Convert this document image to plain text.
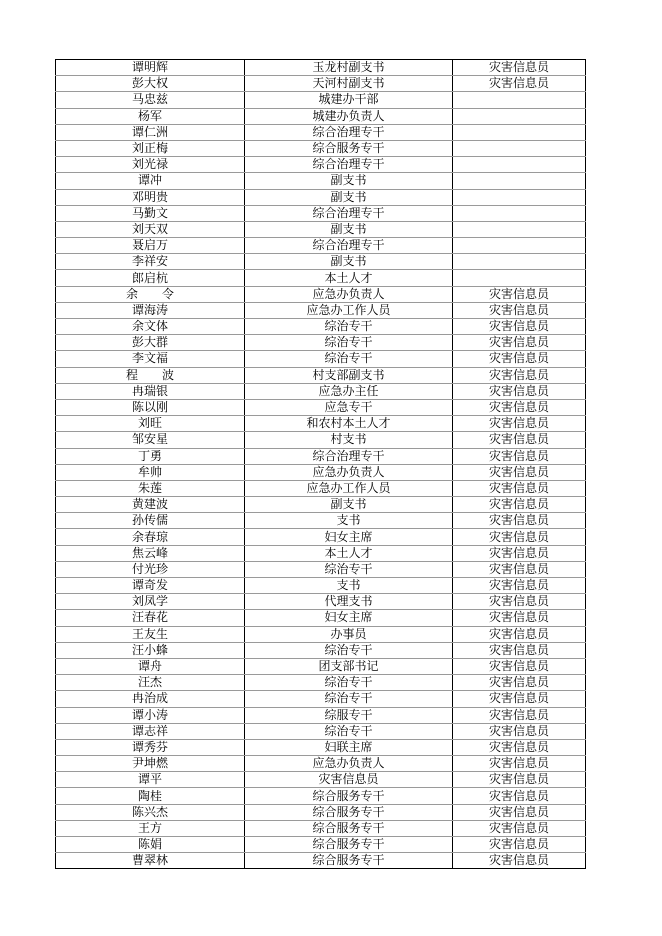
谭明辉	玉龙村副支书	灾害信息员
彭大权	天河村副支书	灾害信息员
马忠兹	城建办干部	
杨军	城建办负责人	
谭仁洲	综合治理专干	
刘正梅	综合服务专干	
刘光禄	综合治理专干	
谭冲	副支书	
邓明贵	副支书	
马勤文	综合治理专干	
刘天双	副支书	
聂启万	综合治理专干	
李祥安	副支书	
郎启杭	本土人才	
余　　令	应急办负责人	灾害信息员
谭海涛	应急办工作人员	灾害信息员
余文体	综治专干	灾害信息员
彭大群	综治专干	灾害信息员
李文福	综治专干	灾害信息员
程　　波	村支部副支书	灾害信息员
冉瑞银	应急办主任	灾害信息员
陈以刚	应急专干	灾害信息员
刘旺	和农村本土人才	灾害信息员
邹安星	村支书	灾害信息员
丁勇	综合治理专干	灾害信息员
牟帅	应急办负责人	灾害信息员
朱莲	应急办工作人员	灾害信息员
黄建波	副支书	灾害信息员
孙传儒	支书	灾害信息员
余春琼	妇女主席	灾害信息员
焦云峰	本土人才	灾害信息员
付光珍	综治专干	灾害信息员
谭奇发	支书	灾害信息员
刘凤学	代理支书	灾害信息员
汪春花	妇女主席	灾害信息员
王友生	办事员	灾害信息员
汪小蜂	综治专干	灾害信息员
谭舟	团支部书记	灾害信息员
汪杰	综治专干	灾害信息员
冉治成	综治专干	灾害信息员
谭小涛	综服专干	灾害信息员
谭志祥	综治专干	灾害信息员
谭秀芬	妇联主席	灾害信息员
尹坤燃	应急办负责人	灾害信息员
谭平	灾害信息员	灾害信息员
陶桂	综合服务专干	灾害信息员
陈兴杰	综合服务专干	灾害信息员
王方	综合服务专干	灾害信息员
陈娟	综合服务专干	灾害信息员
曹翠林	综合服务专干	灾害信息员
